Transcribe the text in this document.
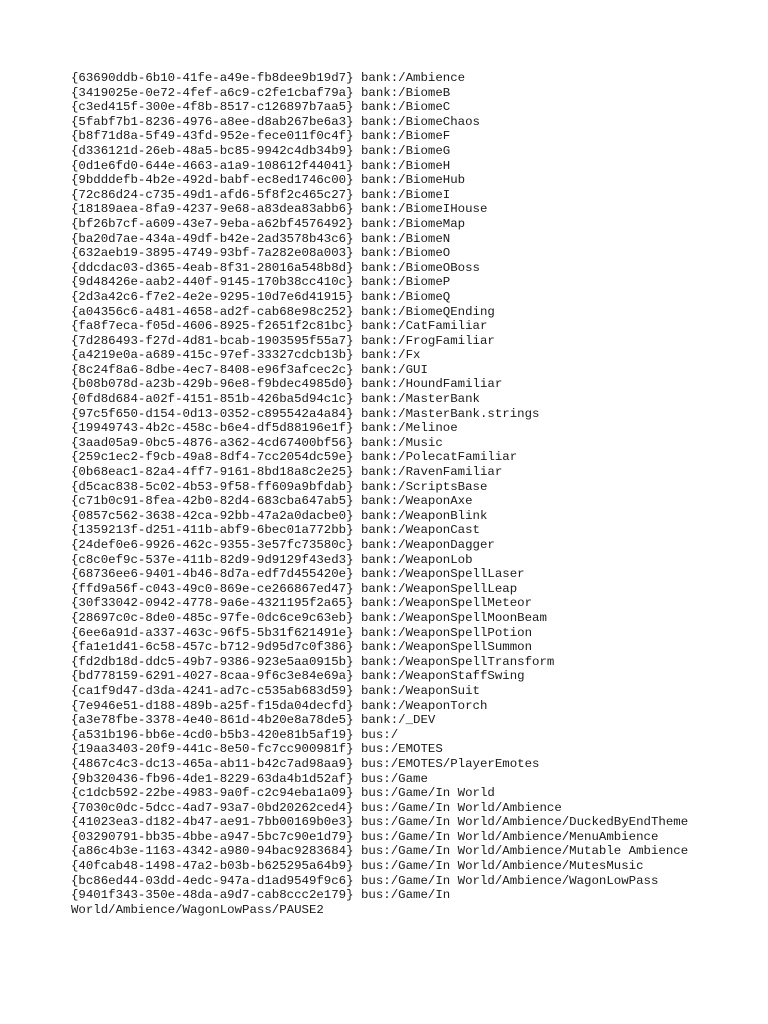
{63690ddb-6b10-41fe-a49e-fb8dee9b19d7} bank:/Ambience
{3419025e-0e72-4fef-a6c9-c2fe1cbaf79a} bank:/BiomeB
{c3ed415f-300e-4f8b-8517-c126897b7aa5} bank:/BiomeC
{5fabf7b1-8236-4976-a8ee-d8ab267be6a3} bank:/BiomeChaos
{b8f71d8a-5f49-43fd-952e-fece011f0c4f} bank:/BiomeF
{d336121d-26eb-48a5-bc85-9942c4db34b9} bank:/BiomeG
{0d1e6fd0-644e-4663-a1a9-108612f44041} bank:/BiomeH
{9bdddefb-4b2e-492d-babf-ec8ed1746c00} bank:/BiomeHub
{72c86d24-c735-49d1-afd6-5f8f2c465c27} bank:/BiomeI
{18189aea-8fa9-4237-9e68-a83dea83abb6} bank:/BiomeIHouse
{bf26b7cf-a609-43e7-9eba-a62bf4576492} bank:/BiomeMap
{ba20d7ae-434a-49df-b42e-2ad3578b43c6} bank:/BiomeN
{632aeb19-3895-4749-93bf-7a282e08a003} bank:/BiomeO
{ddcdac03-d365-4eab-8f31-28016a548b8d} bank:/BiomeOBoss
{9d48426e-aab2-440f-9145-170b38cc410c} bank:/BiomeP
{2d3a42c6-f7e2-4e2e-9295-10d7e6d41915} bank:/BiomeQ
{a04356c6-a481-4658-ad2f-cab68e98c252} bank:/BiomeQEnding
{fa8f7eca-f05d-4606-8925-f2651f2c81bc} bank:/CatFamiliar
{7d286493-f27d-4d81-bcab-1903595f55a7} bank:/FrogFamiliar
{a4219e0a-a689-415c-97ef-33327cdcb13b} bank:/Fx
{8c24f8a6-8dbe-4ec7-8408-e96f3afcec2c} bank:/GUI
{b08b078d-a23b-429b-96e8-f9bdec4985d0} bank:/HoundFamiliar
{0fd8d684-a02f-4151-851b-426ba5d94c1c} bank:/MasterBank
{97c5f650-d154-0d13-0352-c895542a4a84} bank:/MasterBank.strings
{19949743-4b2c-458c-b6e4-df5d88196e1f} bank:/Melinoe
{3aad05a9-0bc5-4876-a362-4cd67400bf56} bank:/Music
{259c1ec2-f9cb-49a8-8df4-7cc2054dc59e} bank:/PolecatFamiliar
{0b68eac1-82a4-4ff7-9161-8bd18a8c2e25} bank:/RavenFamiliar
{d5cac838-5c02-4b53-9f58-ff609a9bfdab} bank:/ScriptsBase
{c71b0c91-8fea-42b0-82d4-683cba647ab5} bank:/WeaponAxe
{0857c562-3638-42ca-92bb-47a2a0dacbe0} bank:/WeaponBlink
{1359213f-d251-411b-abf9-6bec01a772bb} bank:/WeaponCast
{24def0e6-9926-462c-9355-3e57fc73580c} bank:/WeaponDagger
{c8c0ef9c-537e-411b-82d9-9d9129f43ed3} bank:/WeaponLob
{68736ee6-9401-4b46-8d7a-edf7d455420e} bank:/WeaponSpellLaser
{ffd9a56f-c043-49c0-869e-ce266867ed47} bank:/WeaponSpellLeap
{30f33042-0942-4778-9a6e-4321195f2a65} bank:/WeaponSpellMeteor
{28697c0c-8de0-485c-97fe-0dc6ce9c63eb} bank:/WeaponSpellMoonBeam
{6ee6a91d-a337-463c-96f5-5b31f621491e} bank:/WeaponSpellPotion
{fa1e1d41-6c58-457c-b712-9d95d7c0f386} bank:/WeaponSpellSummon
{fd2db18d-ddc5-49b7-9386-923e5aa0915b} bank:/WeaponSpellTransform
{bd778159-6291-4027-8caa-9f6c3e84e69a} bank:/WeaponStaffSwing
{ca1f9d47-d3da-4241-ad7c-c535ab683d59} bank:/WeaponSuit
{7e946e51-d188-489b-a25f-f15da04decfd} bank:/WeaponTorch
{a3e78fbe-3378-4e40-861d-4b20e8a78de5} bank:/_DEV
{a531b196-bb6e-4cd0-b5b3-420e81b5af19} bus:/
{19aa3403-20f9-441c-8e50-fc7cc900981f} bus:/EMOTES
{4867c4c3-dc13-465a-ab11-b42c7ad98aa9} bus:/EMOTES/PlayerEmotes
{9b320436-fb96-4de1-8229-63da4b1d52af} bus:/Game
{c1dcb592-22be-4983-9a0f-c2c94eba1a09} bus:/Game/In World
{7030c0dc-5dcc-4ad7-93a7-0bd20262ced4} bus:/Game/In World/Ambience
{41023ea3-d182-4b47-ae91-7bb00169b0e3} bus:/Game/In World/Ambience/DuckedByEndTheme
{03290791-bb35-4bbe-a947-5bc7c90e1d79} bus:/Game/In World/Ambience/MenuAmbience
{a86c4b3e-1163-4342-a980-94bac9283684} bus:/Game/In World/Ambience/Mutable Ambience
{40fcab48-1498-47a2-b03b-b625295a64b9} bus:/Game/In World/Ambience/MutesMusic
{bc86ed44-03dd-4edc-947a-d1ad9549f9c6} bus:/Game/In World/Ambience/WagonLowPass
{9401f343-350e-48da-a9d7-cab8ccc2e179} bus:/Game/In
World/Ambience/WagonLowPass/PAUSE2
